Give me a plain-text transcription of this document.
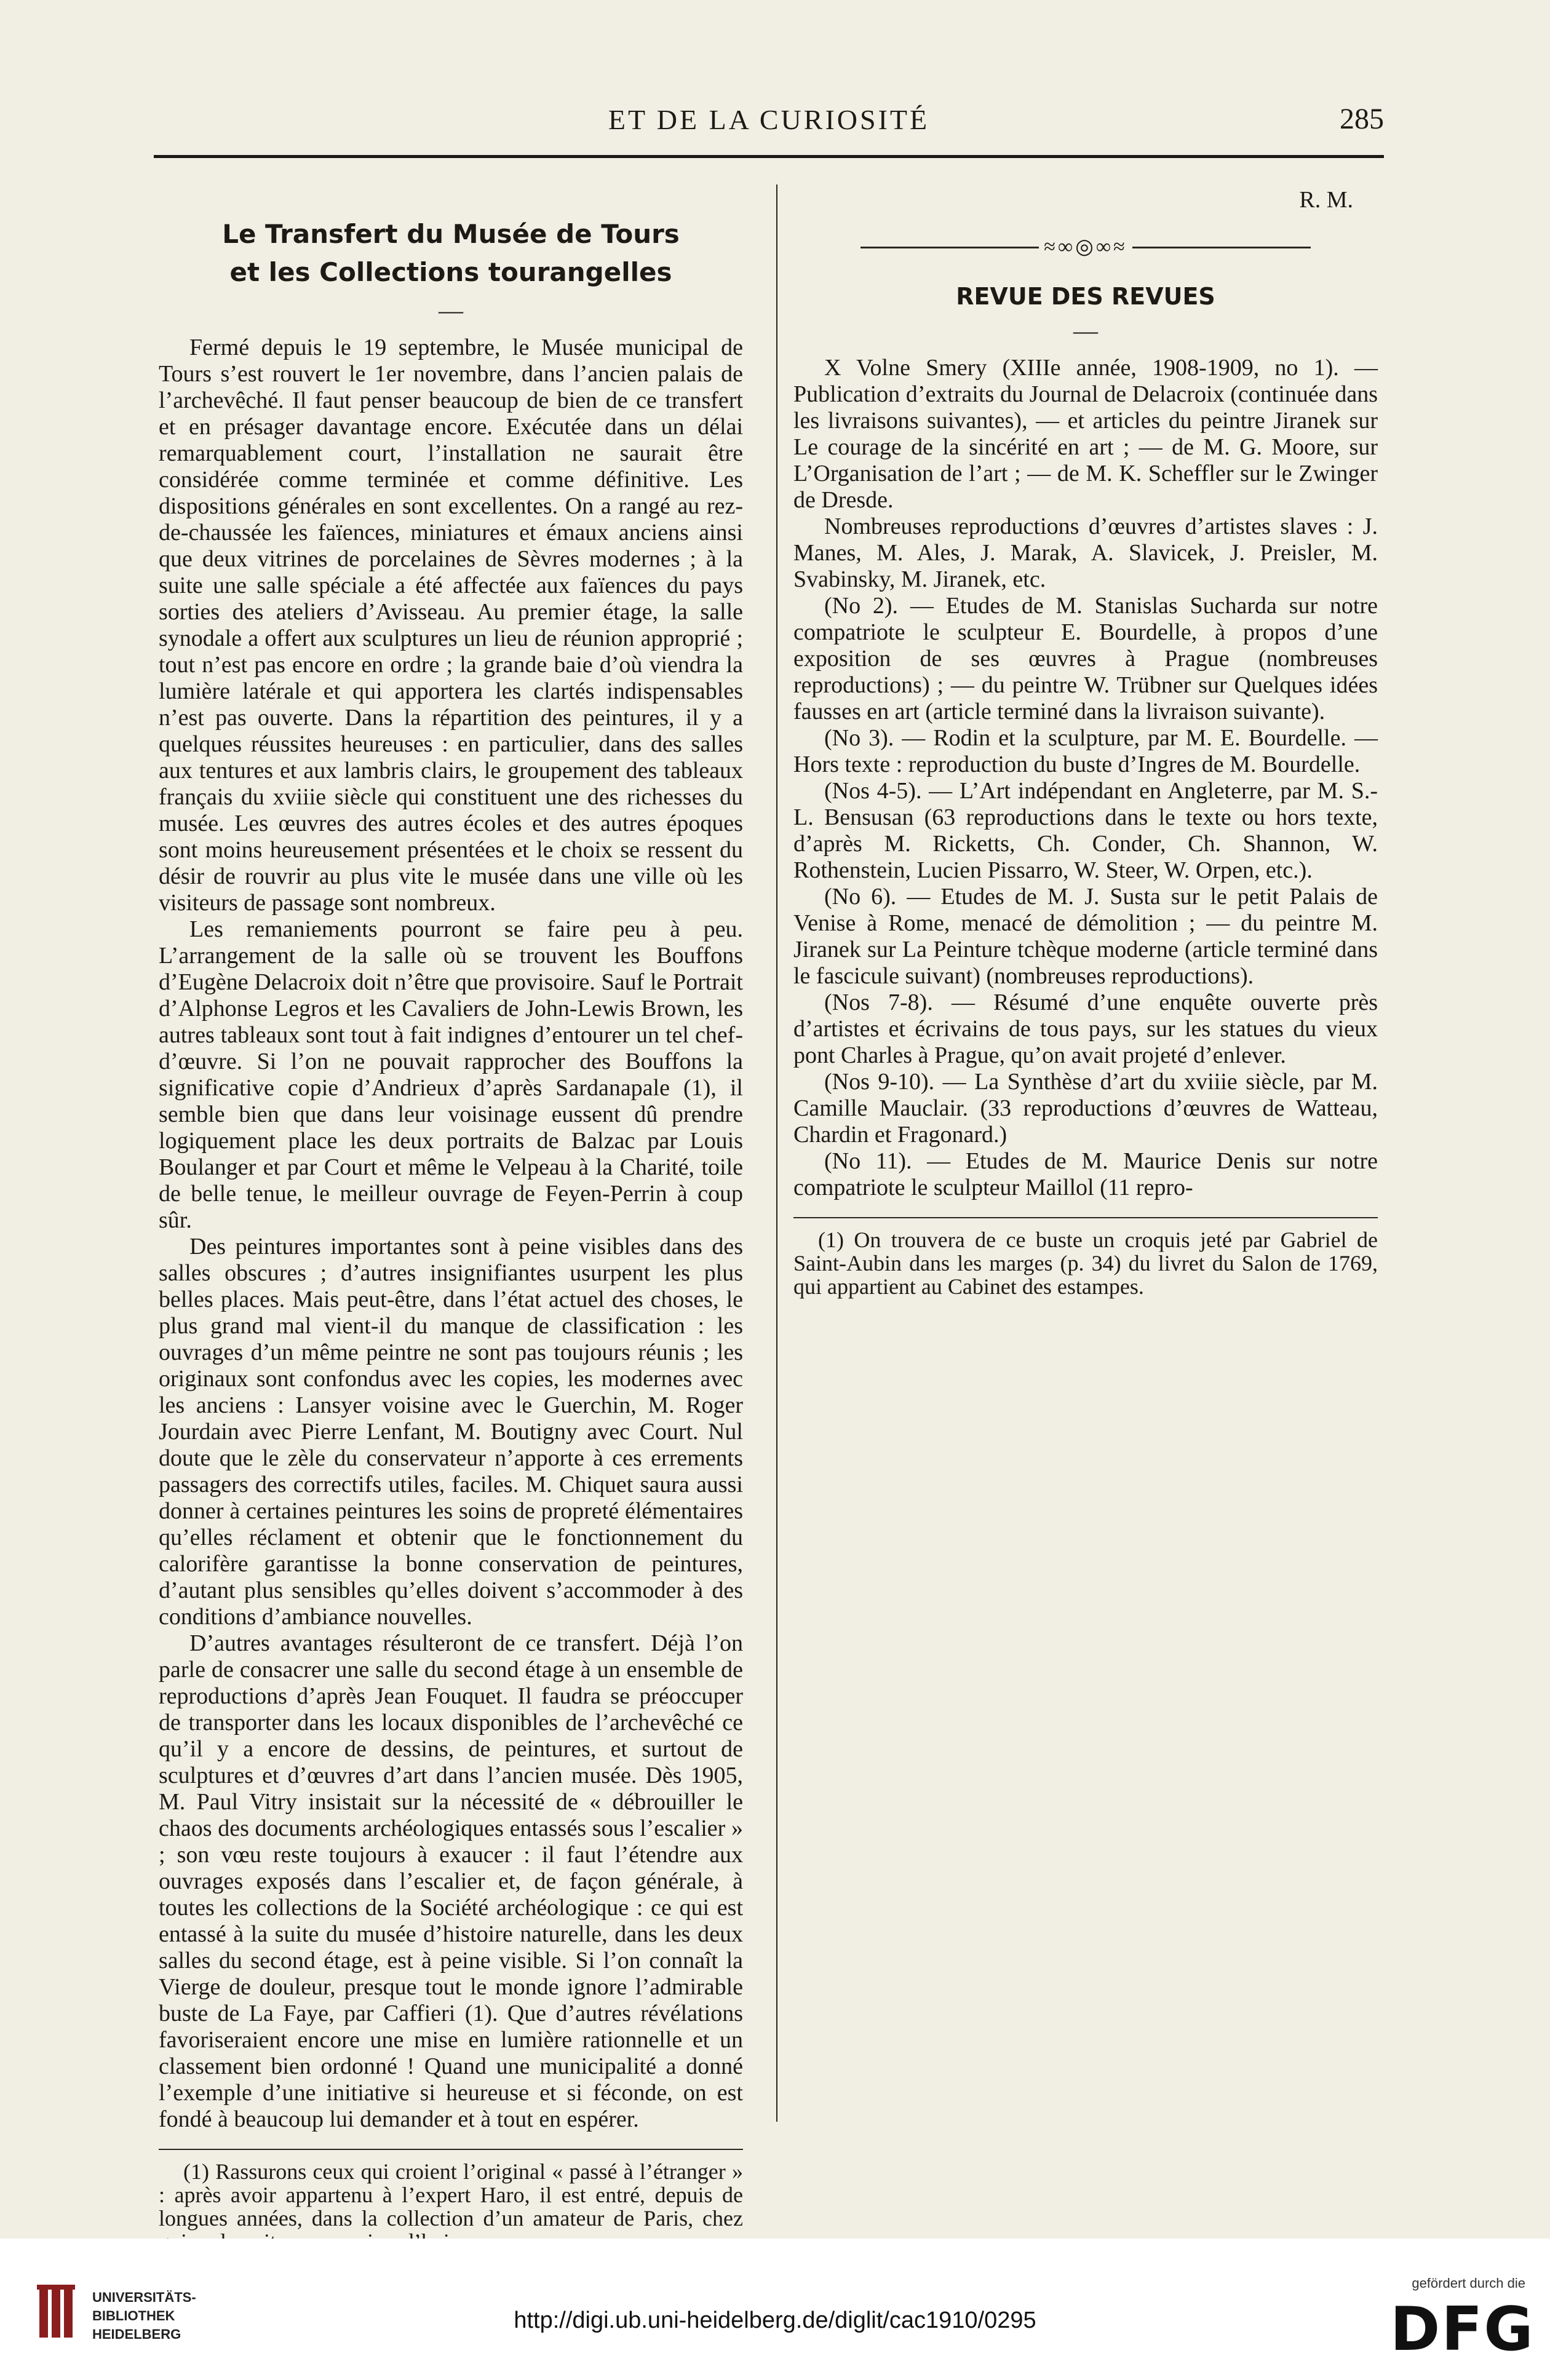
ET DE LA CURIOSITÉ	285
Le Transfert du Musée de Tours
et les Collections tourangelles
—

Fermé depuis le 19 septembre, le Musée municipal de Tours s’est rouvert le 1er novembre, dans l’ancien palais de l’archevêché. Il faut penser beaucoup de bien de ce transfert et en présager davantage encore. Exécutée dans un délai remarquablement court, l’installation ne saurait être considérée comme terminée et comme définitive. Les dispositions générales en sont excellentes. On a rangé au rez-de-chaussée les faïences, miniatures et émaux anciens ainsi que deux vitrines de porcelaines de Sèvres modernes ; à la suite une salle spéciale a été affectée aux faïences du pays sorties des ateliers d’Avisseau. Au premier étage, la salle synodale a offert aux sculptures un lieu de réunion approprié ; tout n’est pas encore en ordre ; la grande baie d’où viendra la lumière latérale et qui apportera les clartés indispensables n’est pas ouverte. Dans la répartition des peintures, il y a quelques réussites heureuses : en particulier, dans des salles aux tentures et aux lambris clairs, le groupement des tableaux français du xviiie siècle qui constituent une des richesses du musée. Les œuvres des autres écoles et des autres époques sont moins heureusement présentées et le choix se ressent du désir de rouvrir au plus vite le musée dans une ville où les visiteurs de passage sont nombreux.

Les remaniements pourront se faire peu à peu. L’arrangement de la salle où se trouvent les Bouffons d’Eugène Delacroix doit n’être que provisoire. Sauf le Portrait d’Alphonse Legros et les Cavaliers de John-Lewis Brown, les autres tableaux sont tout à fait indignes d’entourer un tel chef-d’œuvre. Si l’on ne pouvait rapprocher des Bouffons la significative copie d’Andrieux d’après Sardanapale (1), il semble bien que dans leur voisinage eussent dû prendre logiquement place les deux portraits de Balzac par Louis Boulanger et par Court et même le Velpeau à la Charité, toile de belle tenue, le meilleur ouvrage de Feyen-Perrin à coup sûr.

Des peintures importantes sont à peine visibles dans des salles obscures ; d’autres insignifiantes usurpent les plus belles places. Mais peut-être, dans l’état actuel des choses, le plus grand mal vient-il du manque de classification : les ouvrages d’un même peintre ne sont pas toujours réunis ; les originaux sont confondus avec les copies, les modernes avec les anciens : Lansyer voisine avec le Guerchin, M. Roger Jourdain avec Pierre Lenfant, M. Boutigny avec Court. Nul doute que le zèle du conservateur n’apporte à ces errements passagers des correctifs utiles, faciles. M. Chiquet saura aussi donner à certaines peintures les soins de propreté élémentaires qu’elles réclament et obtenir que le fonctionnement du calorifère garantisse la bonne conservation de peintures, d’autant plus sensibles qu’elles doivent s’accommoder à des conditions d’ambiance nouvelles.

D’autres avantages résulteront de ce transfert. Déjà l’on parle de consacrer une salle du second étage à un ensemble de reproductions d’après Jean Fouquet. Il faudra se préoccuper de transporter dans les locaux disponibles de l’archevêché ce qu’il y a encore de dessins, de peintures, et surtout de sculptures et d’œuvres d’art dans l’ancien musée. Dès 1905, M. Paul Vitry insistait sur la nécessité de « débrouiller le chaos des documents archéologiques entassés sous l’escalier » ; son vœu reste toujours à exaucer : il faut l’étendre aux ouvrages exposés dans l’escalier et, de façon générale, à toutes les collections de la Société archéologique : ce qui est entassé à la suite du musée d’histoire naturelle, dans les deux salles du second étage, est à peine visible. Si l’on connaît la Vierge de douleur, presque tout le monde ignore l’admirable buste de La Faye, par Caffieri (1). Que d’autres révélations favoriseraient encore une mise en lumière rationnelle et un classement bien ordonné ! Quand une municipalité a donné l’exemple d’une initiative si heureuse et si féconde, on est fondé à beaucoup lui demander et à tout en espérer.

(1) Rassurons ceux qui croient l’original « passé à l’étranger » : après avoir appartenu à l’expert Haro, il est entré, depuis de longues années, dans la collection d’un amateur de Paris, chez

R. M.

≈∞◎∞≈
REVUE DES REVUES
—

X Volne Smery (XIIIe année, 1908-1909, no 1). — Publication d’extraits du Journal de Delacroix (continuée dans les livraisons suivantes), — et articles du peintre Jiranek sur Le courage de la sincérité en art ; — de M. G. Moore, sur L’Organisation de l’art ; — de M. K. Scheffler sur le Zwinger de Dresde.

Nombreuses reproductions d’œuvres d’artistes slaves : J. Manes, M. Ales, J. Marak, A. Slavicek, J. Preisler, M. Svabinsky, M. Jiranek, etc.

(No 2). — Etudes de M. Stanislas Sucharda sur notre compatriote le sculpteur E. Bourdelle, à propos d’une exposition de ses œuvres à Prague (nombreuses reproductions) ; — du peintre W. Trübner sur Quelques idées fausses en art (article terminé dans la livraison suivante).

(No 3). — Rodin et la sculpture, par M. E. Bourdelle. — Hors texte : reproduction du buste d’Ingres de M. Bourdelle.

(Nos 4-5). — L’Art indépendant en Angleterre, par M. S.-L. Bensusan (63 reproductions dans le texte ou hors texte, d’après M. Ricketts, Ch. Conder, Ch. Shannon, W. Rothenstein, Lucien Pissarro, W. Steer, W. Orpen, etc.).

(No 6). — Etudes de M. J. Susta sur le petit Palais de Venise à Rome, menacé de démolition ; — du peintre M. Jiranek sur La Peinture tchèque moderne (article terminé dans le fascicule suivant) (nombreuses reproductions).

(Nos 7-8). — Résumé d’une enquête ouverte près d’artistes et écrivains de tous pays, sur les statues du vieux pont Charles à Prague, qu’on avait projeté d’enlever.

(Nos 9-10). — La Synthèse d’art du xviiie siècle, par M. Camille Mauclair. (33 reproductions d’œuvres de Watteau, Chardin et Fragonard.)

(No 11). — Etudes de M. Maurice Denis sur notre compatriote le sculpteur Maillol (11 repro-

(1) On trouvera de ce buste un croquis jeté par Gabriel de Saint-Aubin dans les marges (p. 34) du livret du Salon de 1769, qui appartient au Cabinet des estampes.

UNIVERSITÄTS-
BIBLIOTHEK
HEIDELBERG
http://digi.ub.uni-heidelberg.de/diglit/cac1910/0295
gefördert durch die
DFG
